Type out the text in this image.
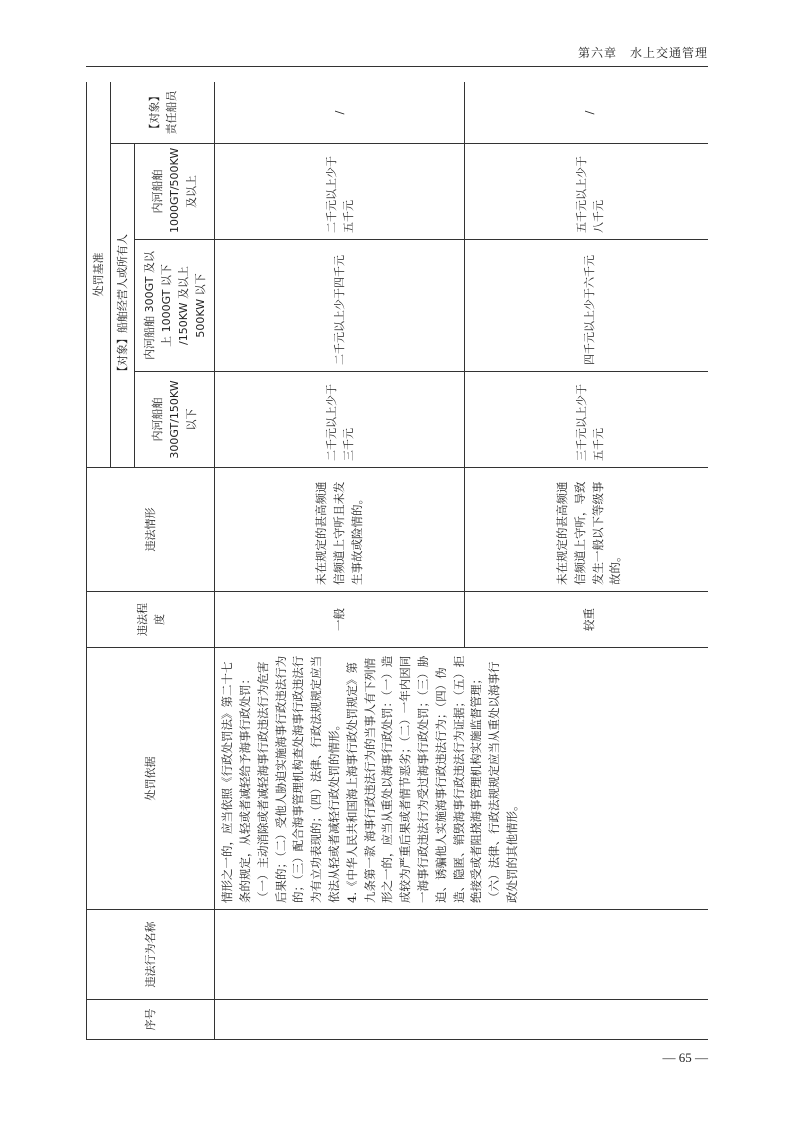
第六章　水上交通管理
序号	违法行为名称	处罚依据	违法程度	违法情形	处罚基准			
					【对象】船舶经营人或所有人			【对象】责任船员
					内河船舶 300GT/150KW 以下	内河船舶 300GT 及以上 1000GT 以下 /150KW 及以上 500KW 以下	内河船舶 1000GT/500KW 及以上	

		情形之一的，应当依照《行政处罚法》第二十七条的规定，从轻或者减轻给予海事行政处罚：（一）主动消除或者减轻海事行政违法行为危害后果的；（二）受他人胁迫实施海事行政违法行为的；（三）配合海事管理机构查处海事行政违法行为有立功表现的；（四）法律、行政法规规定应当依法从轻或者减轻行政处罚的情形。 4.《中华人民共和国海上海事行政处罚规定》第九条第一款 海事行政违法行为的当事人有下列情形之一的，应当从重处以海事行政处罚：（一）造成较为严重后果或者情节恶劣；（二）一年内因同一海事行政违法行为受过海事行政处罚；（三）胁迫、诱骗他人实施海事行政违法行为；（四）伪造、隐匿、销毁海事行政违法行为证据；（五）拒绝接受或者阻挠海事管理机构实施监督管理；（六）法律、行政法规规定应当从重处以海事行政处罚的其他情形。	一般	未在规定的甚高频通信频道上守听且未发生事故或险情的。	二千元以上少于三千元	二千元以上少于四千元	二千元以上少于五千元	/
			较重	未在规定的甚高频通信频道上守听，导致发生一般以下等级事故的。	三千元以上少于五千元	四千元以上少于六千元	五千元以上少于八千元	/
— 65 —
